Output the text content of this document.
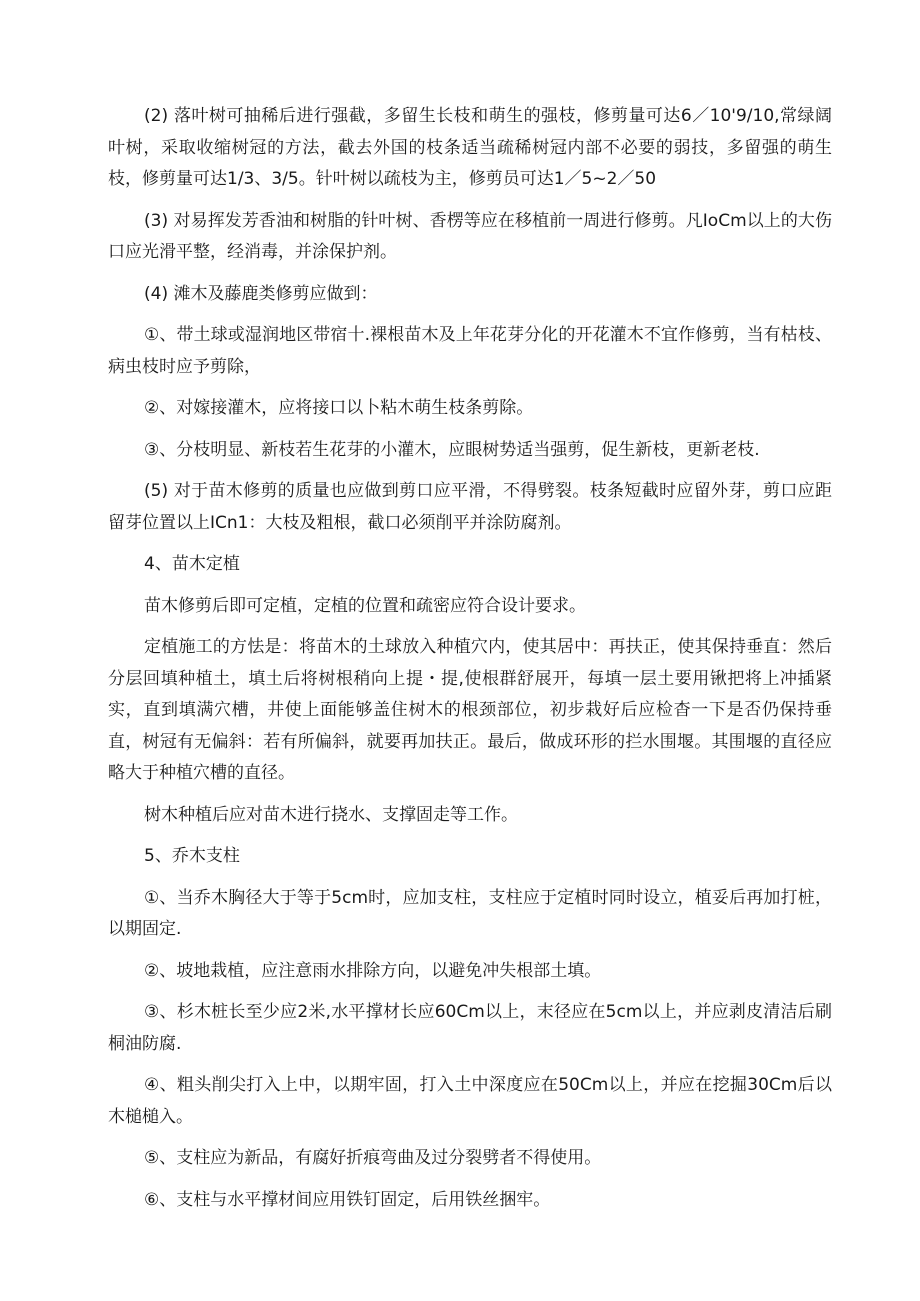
(2) 落叶树可抽稀后进行强截，多留生长枝和萌生的强枝，修剪量可达6／10'9/10,常绿阔叶树，采取收缩树冠的方法，截去外国的枝条适当疏稀树冠内部不必要的弱技，多留强的萌生枝，修剪量可达1/3、3/5。针叶树以疏枝为主，修剪员可达1／5~2／50

(3) 对易挥发芳香油和树脂的针叶树、香楞等应在移植前一周进行修剪。凡IoCm以上的大伤口应光滑平整，经消毒，并涂保护剂。

(4) 滩木及藤鹿类修剪应做到：

①、带土球或湿润地区带宿十.裸根苗木及上年花芽分化的开花灌木不宜作修剪，当有枯枝、病虫枝时应予剪除，

②、对嫁接灌木，应将接口以卜粘木萌生枝条剪除。

③、分枝明显、新枝若生花芽的小灌木，应眼树势适当强剪，促生新枝，更新老枝.

(5) 对于苗木修剪的质量也应做到剪口应平滑，不得劈裂。枝条短截时应留外芽，剪口应距留芽位置以上ICn1：大枝及粗根，截口必须削平并涂防腐剂。

4、苗木定植

苗木修剪后即可定植，定植的位置和疏密应符合设计要求。

定植施工的方怯是：将苗木的土球放入种植穴内，使其居中：再扶正，使其保持垂直：然后分层回填种植土，填土后将树根稍向上提・提,使根群舒展开，每填一层土要用锹把将上冲插紧实，直到填满穴槽，井使上面能够盖住树木的根颈部位，初步栽好后应检杳一下是否仍保持垂直，树冠有无偏斜：若有所偏斜，就要再加扶正。最后，做成环形的拦水围堰。其围堰的直径应略大于种植穴槽的直径。

树木种植后应对苗木进行挠水、支撑固走等工作。

5、乔木支柱

①、当乔木胸径大于等于5cm时，应加支柱，支柱应于定植时同时设立，植妥后再加打桩，以期固定.

②、坡地栽植，应注意雨水排除方向，以避免冲失根部土填。

③、杉木桩长至少应2米,水平撑材长应60Cm以上，末径应在5cm以上，并应剥皮清洁后刷桐油防腐.

④、粗头削尖打入上中，以期牢固，打入土中深度应在50Cm以上，并应在挖掘30Cm后以木槌槌入。

⑤、支柱应为新品，有腐好折痕弯曲及过分裂劈者不得使用。

⑥、支柱与水平撑材间应用铁钉固定，后用铁丝捆牢。
